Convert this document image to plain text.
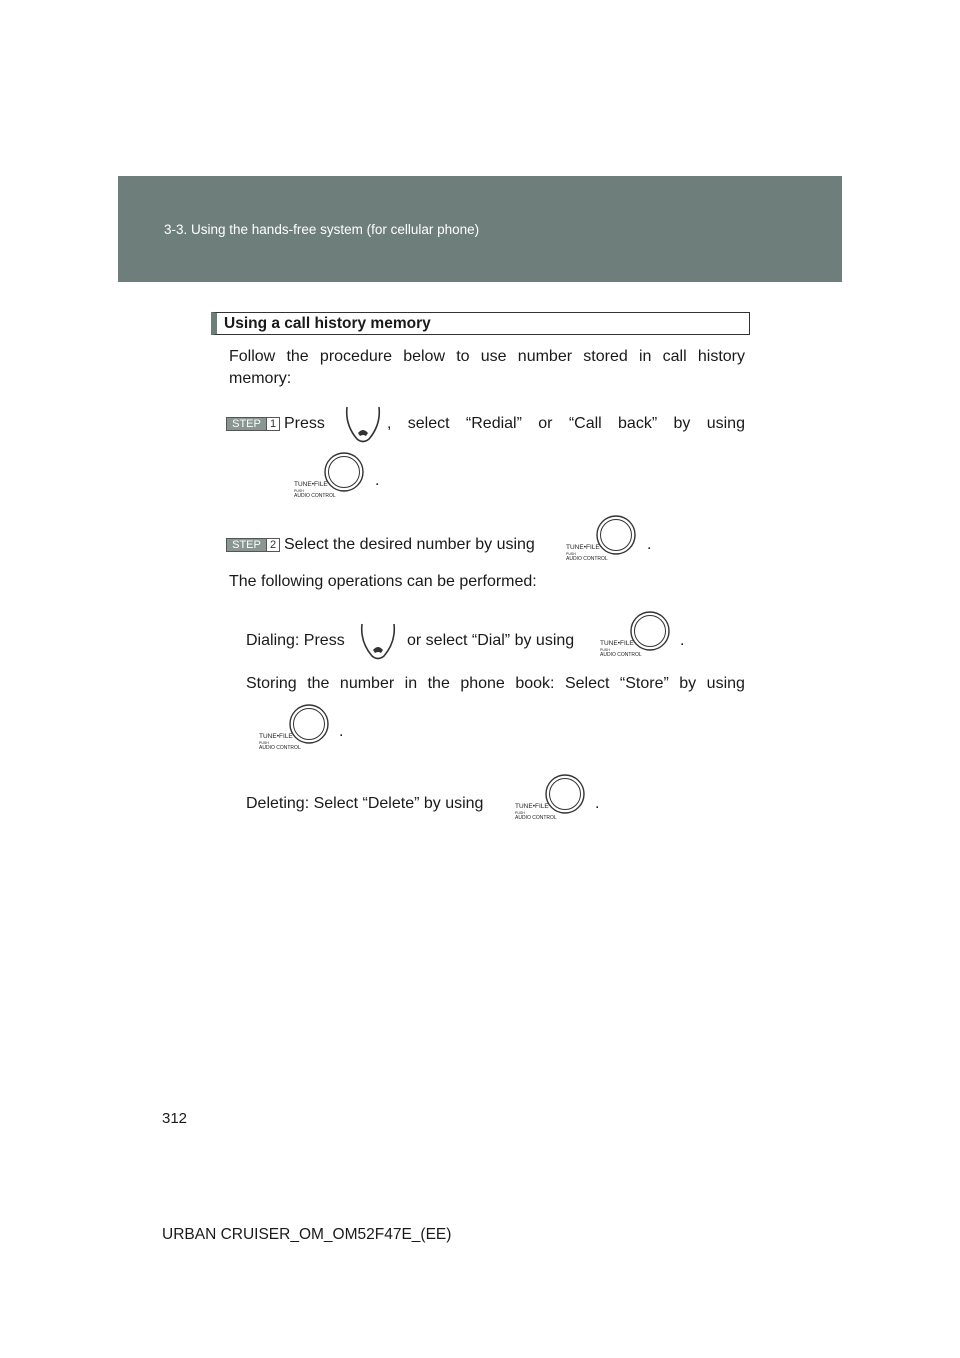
3-3. Using the hands-free system (for cellular phone)
Using a call history memory
Follow the procedure below to use number stored in call history
memory:
STEP 1 Press	, select “Redial” or “Call back” by using
TUNE•FILE
PUSH
AUDIO CONTROL
.
STEP 2 Select the desired number by using	TUNE•FILE
PUSH
AUDIO CONTROL
.
The following operations can be performed:
Dialing: Press	or select “Dial” by using	TUNE•FILE
PUSH
AUDIO CONTROL
.
Storing the number in the phone book: Select “Store” by using
TUNE•FILE
PUSH
AUDIO CONTROL
.
Deleting: Select “Delete” by using	TUNE•FILE
PUSH
AUDIO CONTROL
.
312
URBAN CRUISER_OM_OM52F47E_(EE)
